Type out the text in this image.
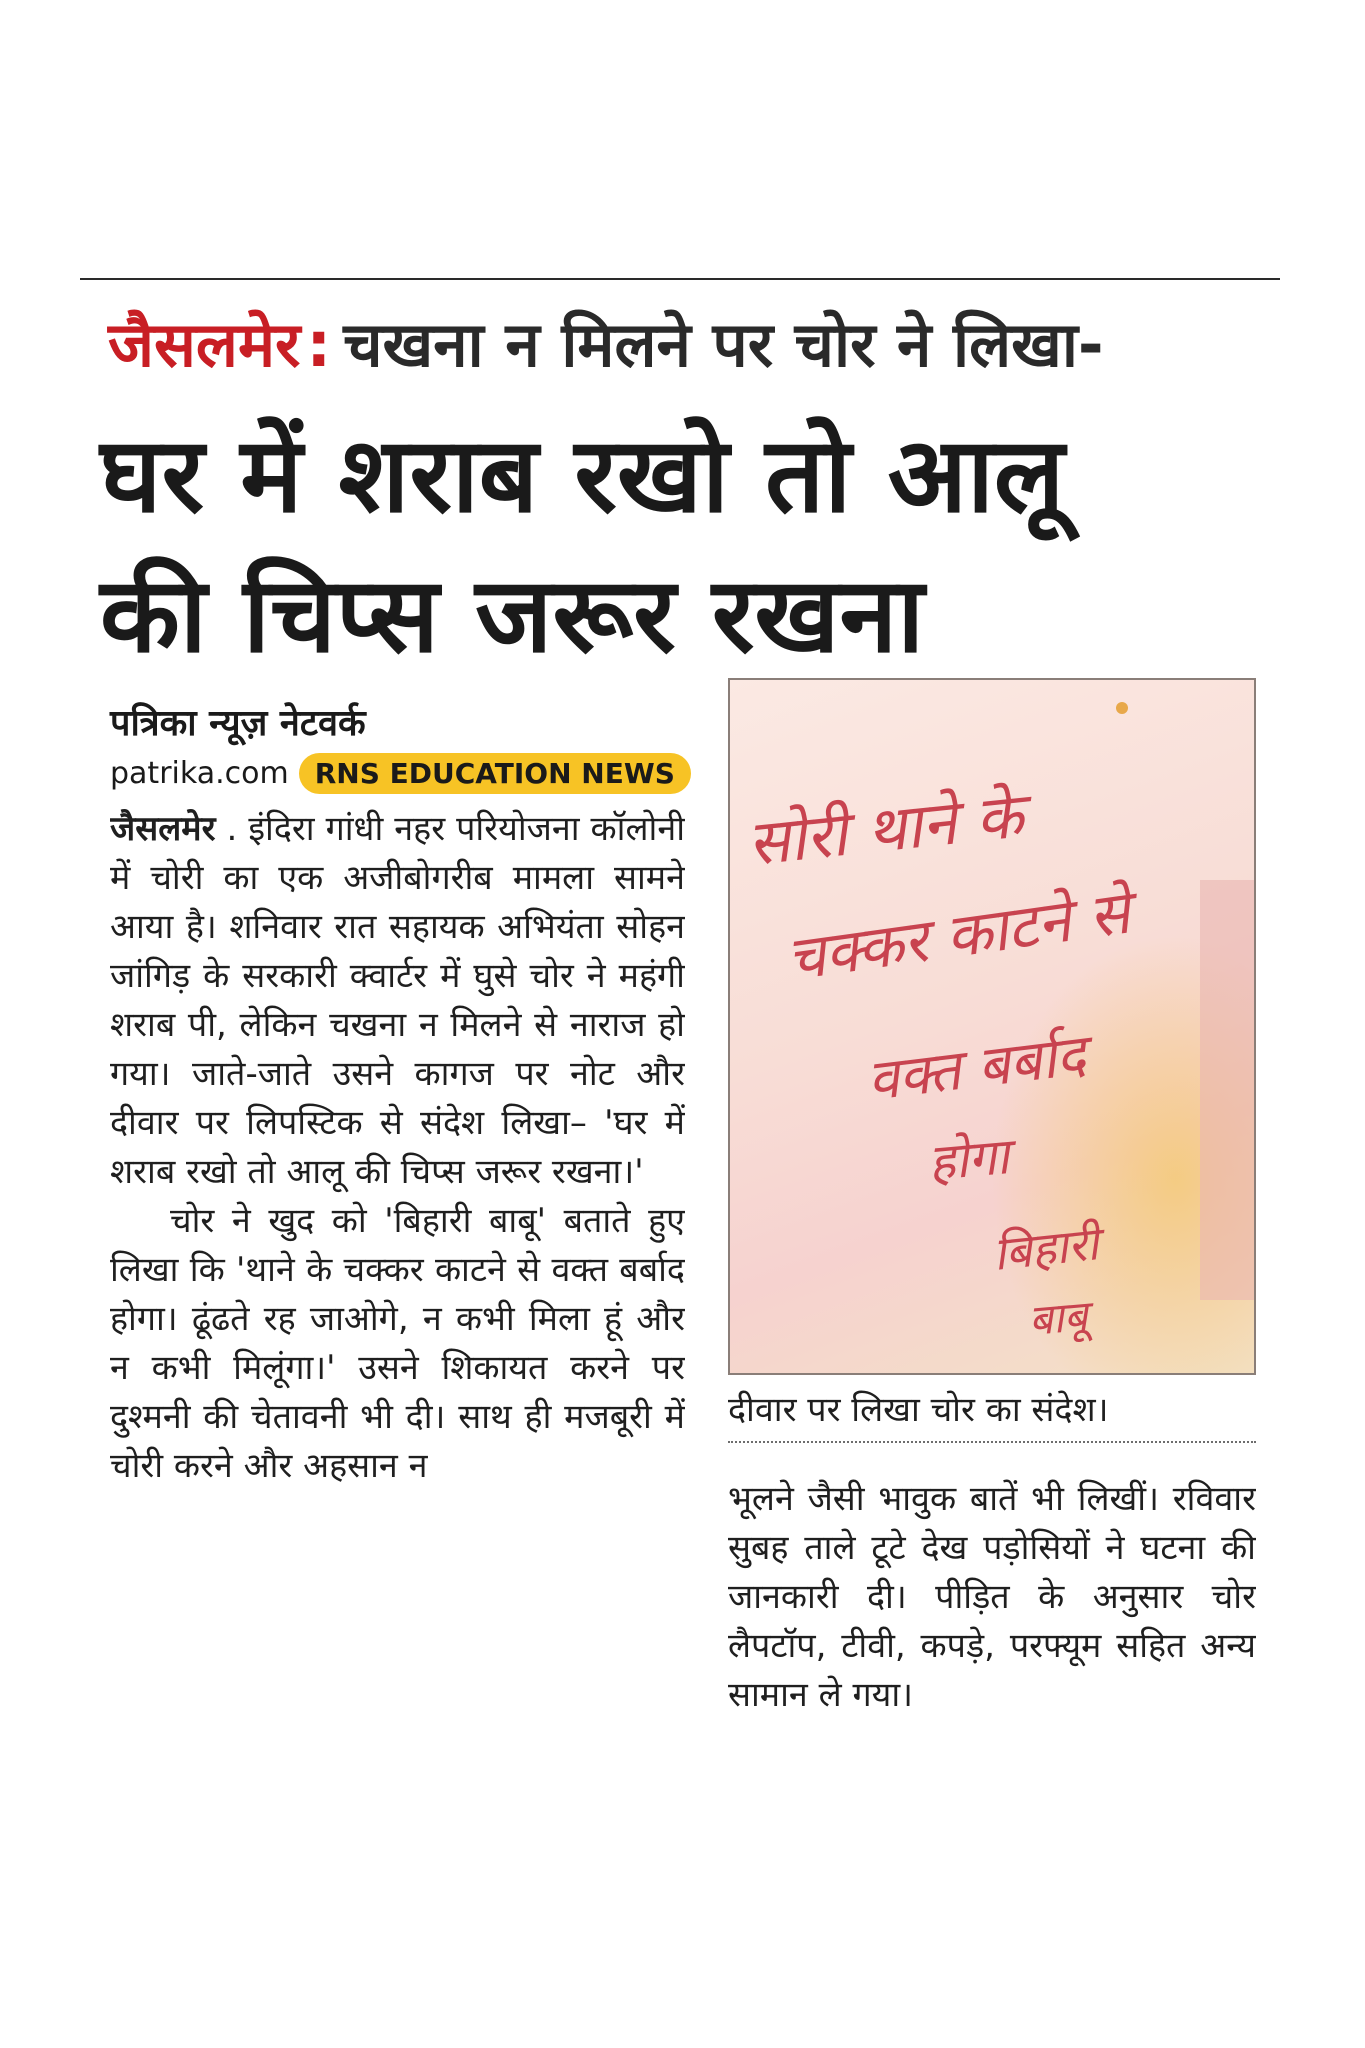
जैसलमेर: चखना न मिलने पर चोर ने लिखा-
घर में शराब रखो तो आलू
की चिप्स जरूर रखना
पत्रिका न्यूज़ नेटवर्क
patrika.com RNS EDUCATION NEWS

जैसलमेर . इंदिरा गांधी नहर परियोजना कॉलोनी में चोरी का एक अजीबोगरीब मामला सामने आया है। शनिवार रात सहायक अभियंता सोहन जांगिड़ के सरकारी क्वार्टर में घुसे चोर ने महंगी शराब पी, लेकिन चखना न मिलने से नाराज हो गया। जाते-जाते उसने कागज पर नोट और दीवार पर लिपस्टिक से संदेश लिखा– 'घर में शराब रखो तो आलू की चिप्स जरूर रखना।'

चोर ने खुद को 'बिहारी बाबू' बताते हुए लिखा कि 'थाने के चक्कर काटने से वक्त बर्बाद होगा। ढूंढते रह जाओगे, न कभी मिला हूं और न कभी मिलूंगा।' उसने शिकायत करने पर दुश्मनी की चेतावनी भी दी। साथ ही मजबूरी में चोरी करने और अहसान न

सोरी थाने के
चक्कर काटने से
वक्त बर्बाद
होगा
बिहारी
बाबू
दीवार पर लिखा चोर का संदेश।

भूलने जैसी भावुक बातें भी लिखीं। रविवार सुबह ताले टूटे देख पड़ोसियों ने घटना की जानकारी दी। पीड़ित के अनुसार चोर लैपटॉप, टीवी, कपड़े, परफ्यूम सहित अन्य सामान ले गया।
